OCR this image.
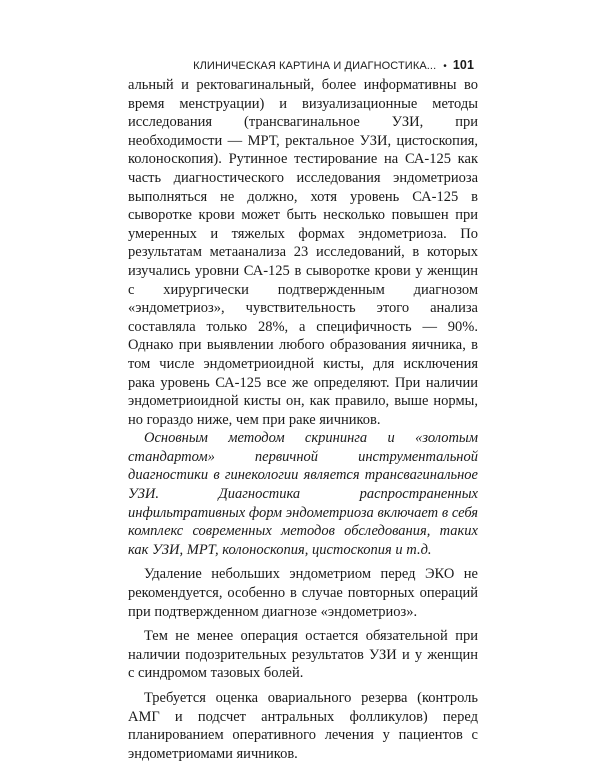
КЛИНИЧЕСКАЯ КАРТИНА И ДИАГНОСТИКА... • 101

альный и ректовагинальный, более информативны во время менструации) и визуализационные методы исследования (трансвагинальное УЗИ, при необходимости — МРТ, ректальное УЗИ, цистоскопия, колоноскопия). Рутинное тестирование на СА-125 как часть диагностического исследования эндометриоза выполняться не должно, хотя уровень СА-125 в сыворотке крови может быть несколько повышен при умеренных и тяжелых формах эндометриоза. По результатам метаанализа 23 исследований, в которых изучались уровни СА-125 в сыворотке крови у женщин с хирургически подтвержденным диагнозом «эндометриоз», чувствительность этого анализа составляла только 28%, а специфичность — 90%. Однако при выявлении любого образования яичника, в том числе эндометриоидной кисты, для исключения рака уровень СА-125 все же определяют. При наличии эндометриоидной кисты он, как правило, выше нормы, но гораздо ниже, чем при раке яичников.

Основным методом скрининга и «золотым стандартом» первичной инструментальной диагностики в гинекологии является трансвагинальное УЗИ. Диагностика распространенных инфильтративных форм эндометриоза включает в себя комплекс современных методов обследования, таких как УЗИ, МРТ, колоноскопия, цистоскопия и т.д.

Удаление небольших эндометриом перед ЭКО не рекомендуется, особенно в случае повторных операций при подтвержденном диагнозе «эндометриоз».

Тем не менее операция остается обязательной при наличии подозрительных результатов УЗИ и у женщин с синдромом тазовых болей.

Требуется оценка овариального резерва (контроль АМГ и подсчет антральных фолликулов) перед планированием оперативного лечения у пациентов с эндометриомами яичников.
